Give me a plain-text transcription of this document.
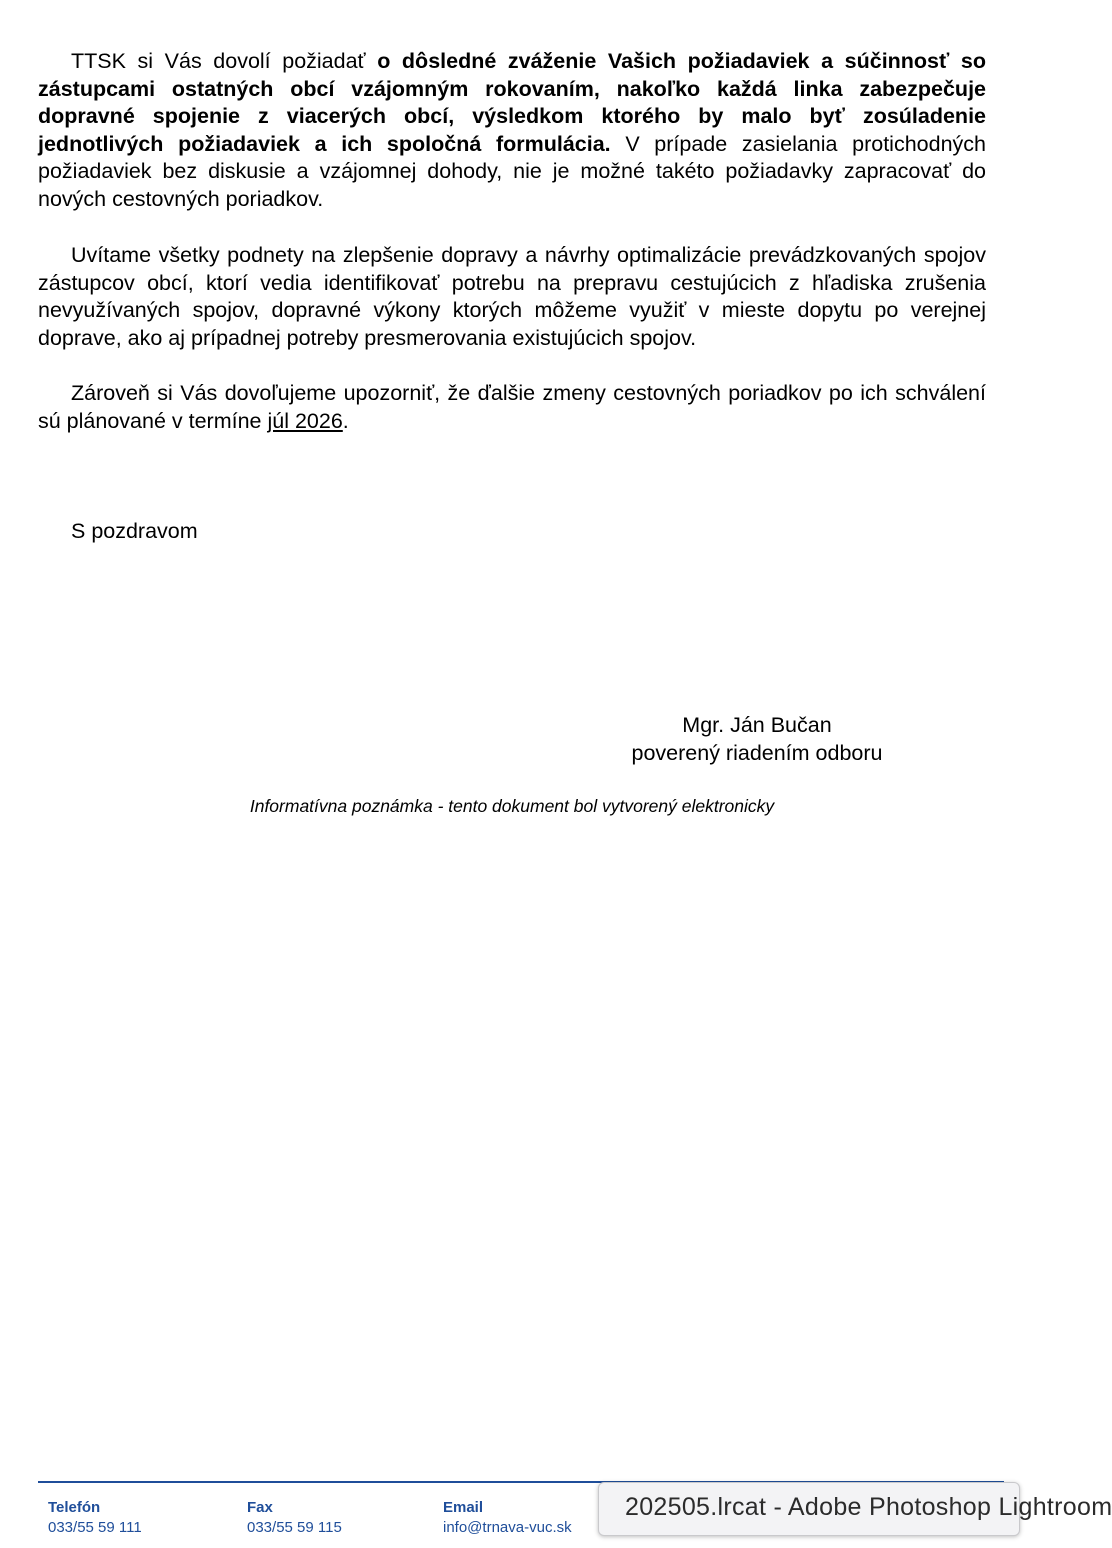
TTSK si Vás dovolí požiadať o dôsledné zváženie Vašich požiadaviek a súčinnosť so zástupcami ostatných obcí vzájomným rokovaním, nakoľko každá linka zabezpečuje dopravné spojenie z viacerých obcí, výsledkom ktorého by malo byť zosúladenie jednotlivých požiadaviek a ich spoločná formulácia. V prípade zasielania protichodných požiadaviek bez diskusie a vzájomnej dohody, nie je možné takéto požiadavky zapracovať do nových cestovných poriadkov.

Uvítame všetky podnety na zlepšenie dopravy a návrhy optimalizácie prevádzkovaných spojov zástupcov obcí, ktorí vedia identifikovať potrebu na prepravu cestujúcich z hľadiska zrušenia nevyužívaných spojov, dopravné výkony ktorých môžeme využiť v mieste dopytu po verejnej doprave, ako aj prípadnej potreby presmerovania existujúcich spojov.

Zároveň si Vás dovoľujeme upozorniť, že ďalšie zmeny cestovných poriadkov po ich schválení sú plánované v termíne júl 2026.

S pozdravom
Mgr. Ján Bučan
poverený riadením odboru
Informatívna poznámka - tento dokument bol vytvorený elektronicky
Telefón
033/55 59 111
Fax
033/55 59 115
Email
info@trnava-vuc.sk
202505.lrcat - Adobe Photoshop Lightroom
